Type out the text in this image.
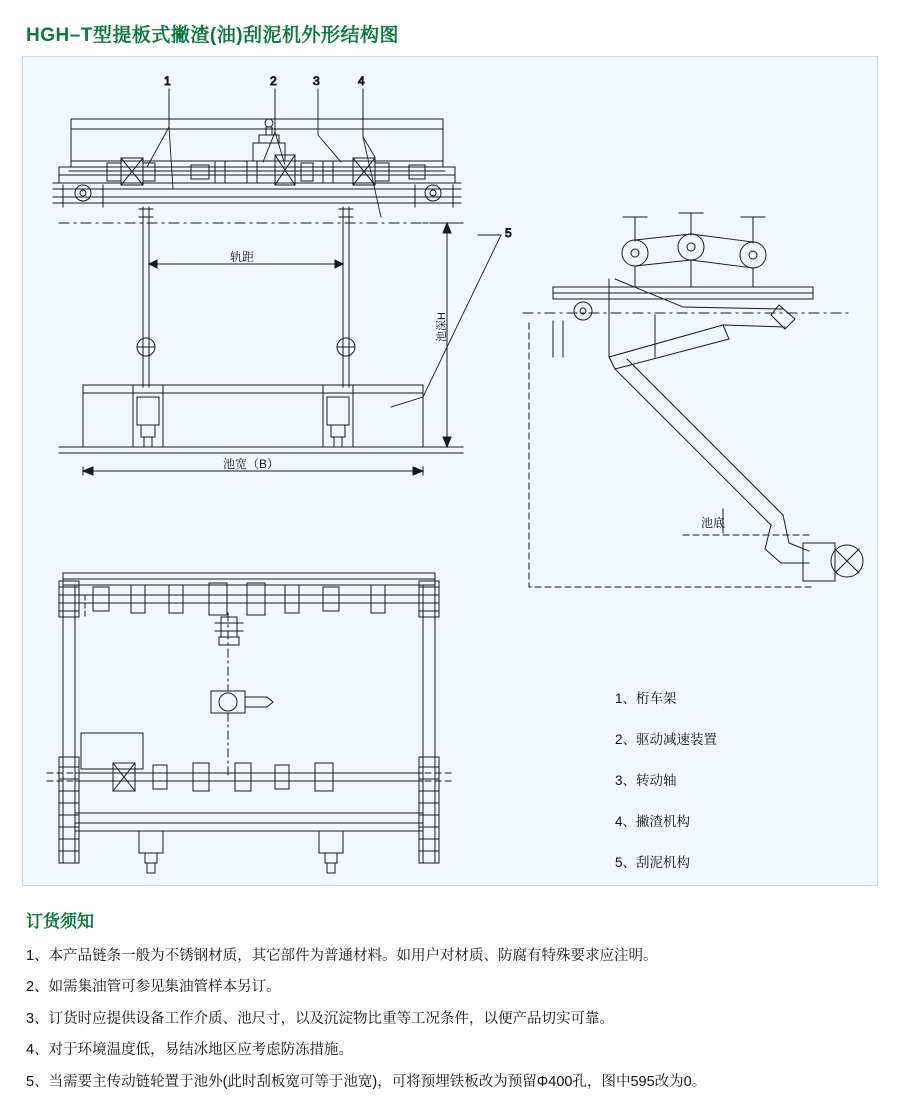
HGH–T型提板式撇渣(油)刮泥机外形结构图
1	2	3	4
5
轨距
池宽（B）
池深H
池底
1、桁车架
2、驱动减速装置
3、转动轴
4、撇渣机构
5、刮泥机构
订货须知
1、本产品链条一般为不锈钢材质，其它部件为普通材料。如用户对材质、防腐有特殊要求应注明。
2、如需集油管可参见集油管样本另订。
3、订货时应提供设备工作介质、池尺寸，以及沉淀物比重等工况条件，以便产品切实可靠。
4、对于环境温度低，易结冰地区应考虑防冻措施。
5、当需要主传动链轮置于池外(此时刮板宽可等于池宽)，可将预埋铁板改为预留Φ400孔，图中595改为0。
